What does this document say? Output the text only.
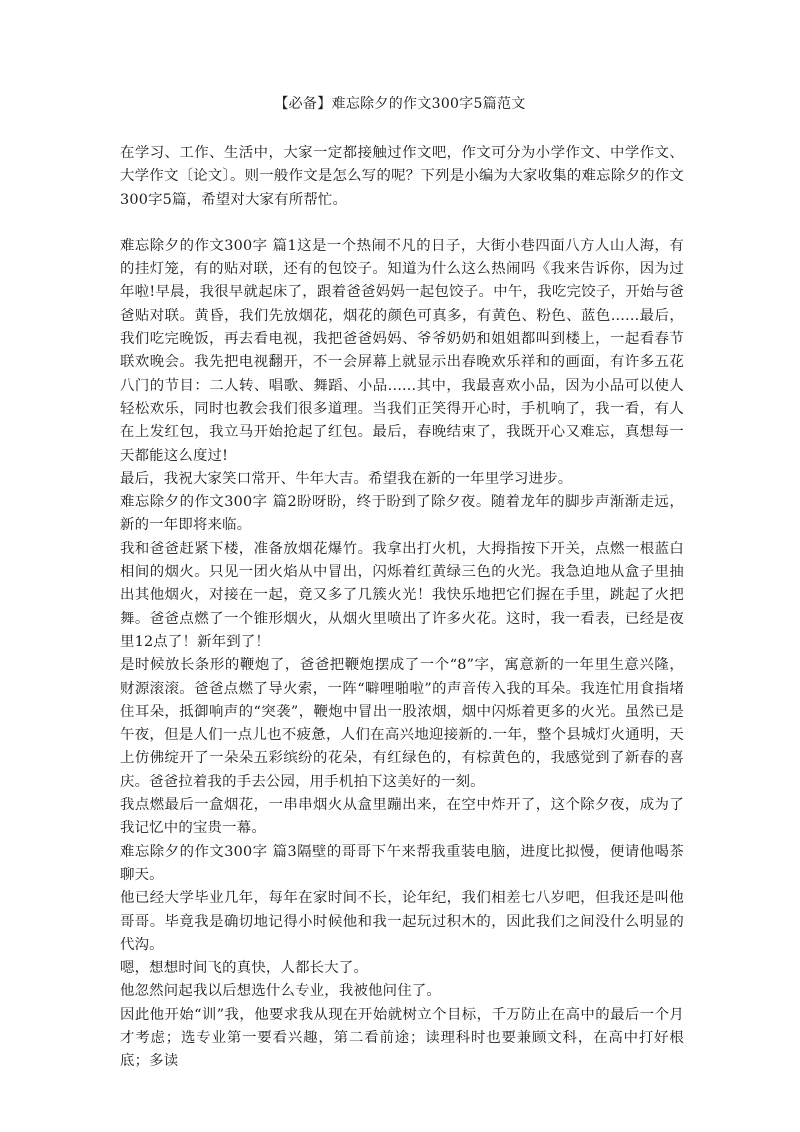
【必备】难忘除夕的作文300字5篇范文

在学习、工作、生活中，大家一定都接触过作文吧，作文可分为小学作文、中学作文、大学作文〔论文〕。则一般作文是怎么写的呢？下列是小编为大家收集的难忘除夕的作文300字5篇，希望对大家有所帮忙。

难忘除夕的作文300字 篇1这是一个热闹不凡的日子，大街小巷四面八方人山人海，有的挂灯笼，有的贴对联，还有的包饺子。知道为什么这么热闹吗《我来告诉你，因为过年啦!早晨，我很早就起床了，跟着爸爸妈妈一起包饺子。中午，我吃完饺子，开始与爸爸贴对联。黄昏，我们先放烟花，烟花的颜色可真多，有黄色、粉色、蓝色......最后，我们吃完晚饭，再去看电视，我把爸爸妈妈、爷爷奶奶和姐姐都叫到楼上，一起看春节联欢晚会。我先把电视翻开，不一会屏幕上就显示出春晚欢乐祥和的画面，有许多五花八门的节目：二人转、唱歌、舞蹈、小品......其中，我最喜欢小品，因为小品可以使人轻松欢乐，同时也教会我们很多道理。当我们正笑得开心时，手机响了，我一看，有人在上发红包，我立马开始抢起了红包。最后，春晚结束了，我既开心又难忘，真想每一天都能这么度过!

最后，我祝大家笑口常开、牛年大吉。希望我在新的一年里学习进步。

难忘除夕的作文300字 篇2盼呀盼，终于盼到了除夕夜。随着龙年的脚步声渐渐走远，新的一年即将来临。

我和爸爸赶紧下楼，准备放烟花爆竹。我拿出打火机，大拇指按下开关，点燃一根蓝白相间的烟火。只见一团火焰从中冒出，闪烁着红黄绿三色的火光。我急迫地从盒子里抽出其他烟火，对接在一起，竟又多了几簇火光！我快乐地把它们握在手里，跳起了火把舞。爸爸点燃了一个锥形烟火，从烟火里喷出了许多火花。这时，我一看表，已经是夜里12点了！新年到了！

是时候放长条形的鞭炮了，爸爸把鞭炮摆成了一个“8”字，寓意新的一年里生意兴隆，财源滚滚。爸爸点燃了导火索，一阵“噼哩啪啦”的声音传入我的耳朵。我连忙用食指堵住耳朵，抵御响声的“突袭”，鞭炮中冒出一股浓烟，烟中闪烁着更多的火光。虽然已是午夜，但是人们一点儿也不疲惫，人们在高兴地迎接新的.一年，整个县城灯火通明，天上仿佛绽开了一朵朵五彩缤纷的花朵，有红绿色的，有棕黄色的，我感觉到了新春的喜庆。爸爸拉着我的手去公园，用手机拍下这美好的一刻。

我点燃最后一盒烟花，一串串烟火从盒里蹦出来，在空中炸开了，这个除夕夜，成为了我记忆中的宝贵一幕。

难忘除夕的作文300字 篇3隔壁的哥哥下午来帮我重装电脑，进度比拟慢，便请他喝茶聊天。

他已经大学毕业几年，每年在家时间不长，论年纪，我们相差七八岁吧，但我还是叫他哥哥。毕竟我是确切地记得小时候他和我一起玩过积木的，因此我们之间没什么明显的代沟。

嗯，想想时间飞的真快，人都长大了。

他忽然问起我以后想选什么专业，我被他问住了。

因此他开始“训”我，他要求我从现在开始就树立个目标，千万防止在高中的最后一个月才考虑；选专业第一要看兴趣，第二看前途；读理科时也要兼顾文科，在高中打好根底；多读
